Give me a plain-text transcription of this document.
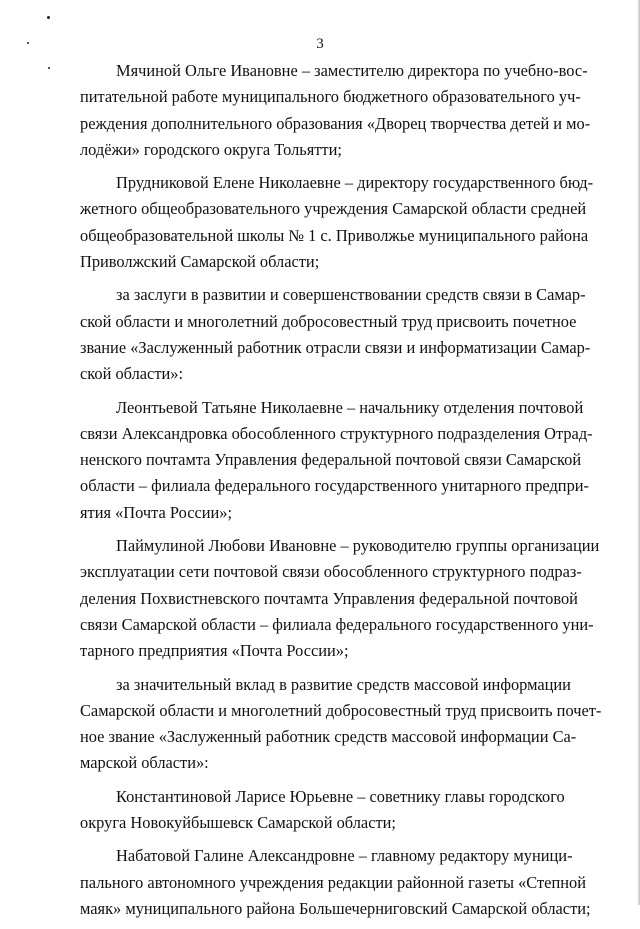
3
Мячиной Ольге Ивановне – заместителю директора по учебно-вос-
питательной работе муниципального бюджетного образовательного уч-
реждения дополнительного образования «Дворец творчества детей и мо-
лодёжи» городского округа Тольятти;
Прудниковой Елене Николаевне – директору государственного бюд-
жетного общеобразовательного учреждения Самарской области средней
общеобразовательной школы № 1 с. Приволжье муниципального района
Приволжский Самарской области;
за заслуги в развитии и совершенствовании средств связи в Самар-
ской области и многолетний добросовестный труд присвоить почетное
звание «Заслуженный работник отрасли связи и информатизации Самар-
ской области»:
Леонтьевой Татьяне Николаевне – начальнику отделения почтовой
связи Александровка обособленного структурного подразделения Отрад-
ненского почтамта Управления федеральной почтовой связи Самарской
области – филиала федерального государственного унитарного предпри-
ятия «Почта России»;
Паймулиной Любови Ивановне – руководителю группы организации
эксплуатации сети почтовой связи обособленного структурного подраз-
деления Похвистневского почтамта Управления федеральной почтовой
связи Самарской области – филиала федерального государственного уни-
тарного предприятия «Почта России»;
за значительный вклад в развитие средств массовой информации
Самарской области и многолетний добросовестный труд присвоить почет-
ное звание «Заслуженный работник средств массовой информации Са-
марской области»:
Константиновой Ларисе Юрьевне – советнику главы городского
округа Новокуйбышевск Самарской области;
Набатовой Галине Александровне – главному редактору муници-
пального автономного учреждения редакции районной газеты «Степной
маяк» муниципального района Большечерниговский Самарской области;
